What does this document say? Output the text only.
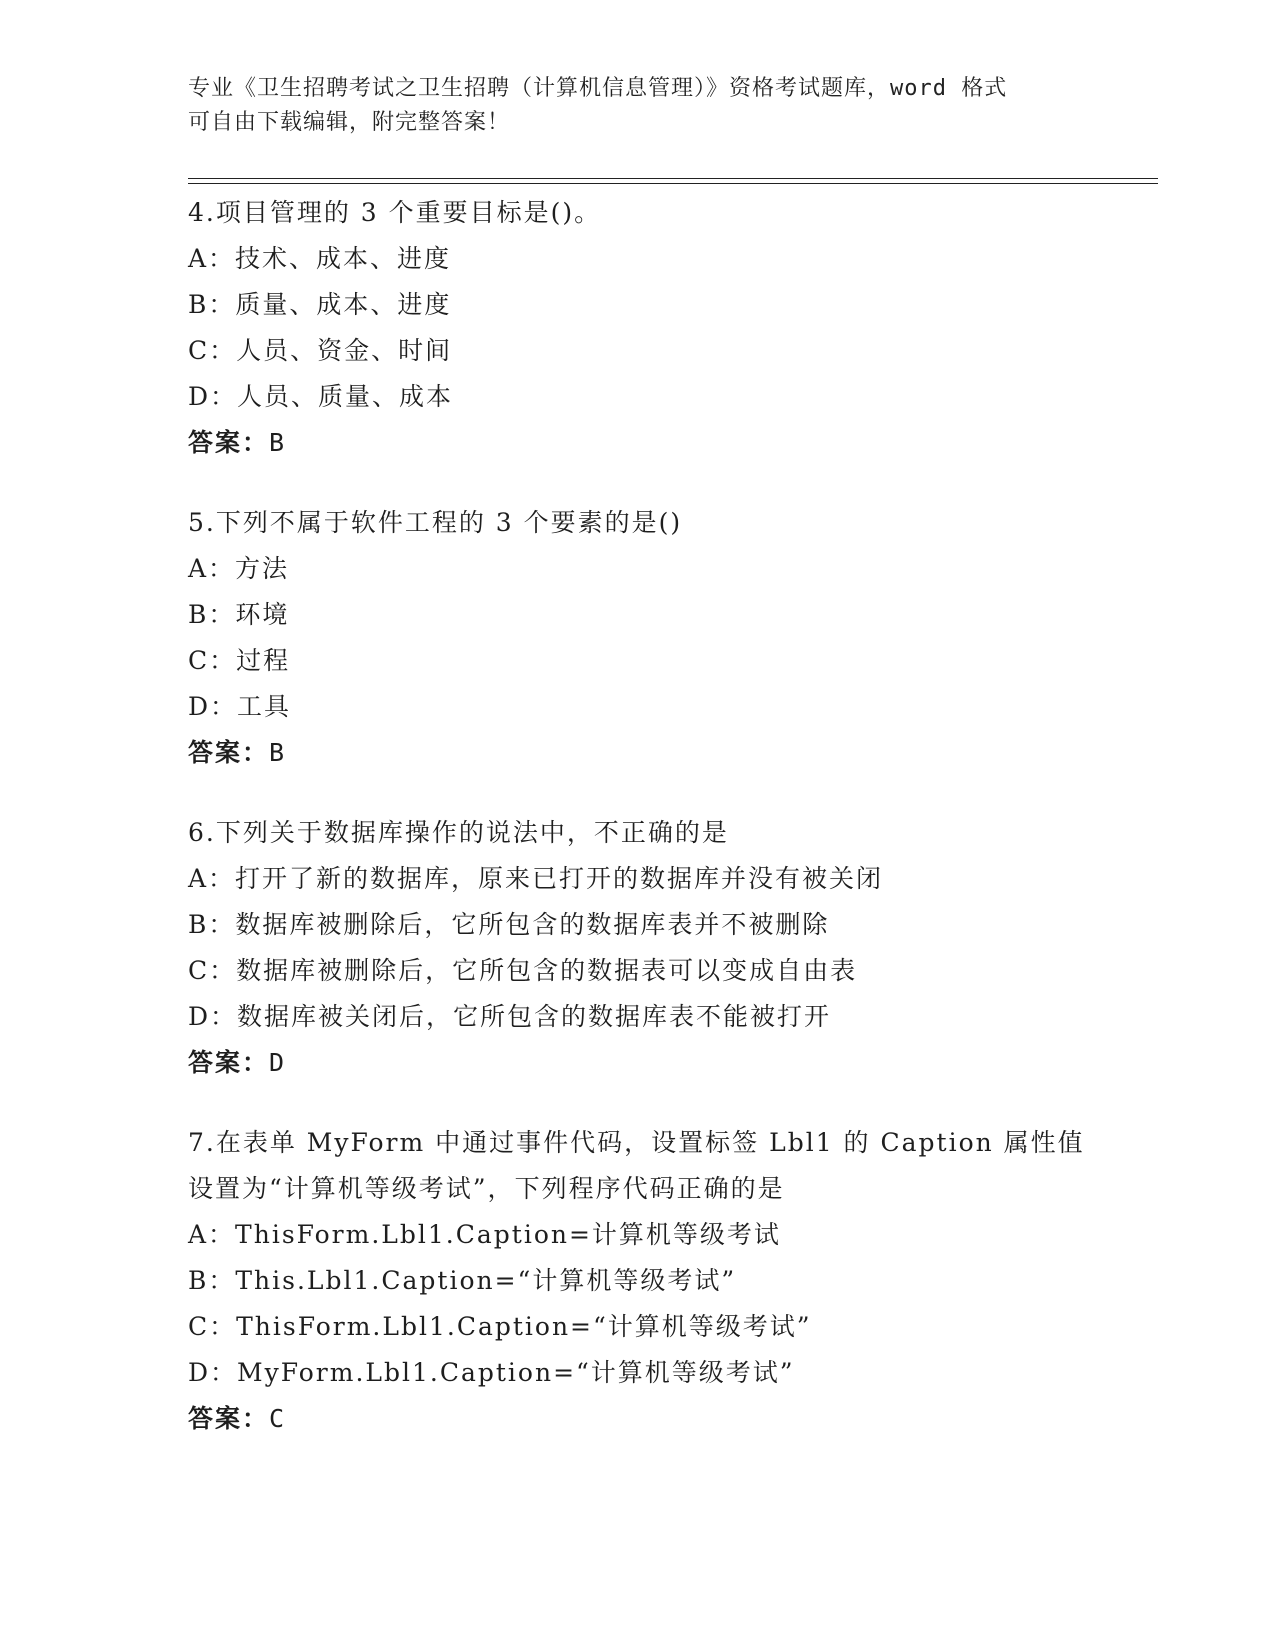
专业《卫生招聘考试之卫生招聘（计算机信息管理）》资格考试题库，word 格式
可自由下载编辑，附完整答案！
4.项目管理的 3 个重要目标是()。
A：技术、成本、进度
B：质量、成本、进度
C：人员、资金、时间
D：人员、质量、成本
答案：B
5.下列不属于软件工程的 3 个要素的是()
A：方法
B：环境
C：过程
D：工具
答案：B
6.下列关于数据库操作的说法中，不正确的是
A：打开了新的数据库，原来已打开的数据库并没有被关闭
B：数据库被删除后，它所包含的数据库表并不被删除
C：数据库被删除后，它所包含的数据表可以变成自由表
D：数据库被关闭后，它所包含的数据库表不能被打开
答案：D
7.在表单 MyForm 中通过事件代码，设置标签 Lbl1 的 Caption 属性值
设置为“计算机等级考试”，下列程序代码正确的是
A：ThisForm.Lbl1.Caption=计算机等级考试
B：This.Lbl1.Caption=“计算机等级考试”
C：ThisForm.Lbl1.Caption=“计算机等级考试”
D：MyForm.Lbl1.Caption=“计算机等级考试”
答案：C
